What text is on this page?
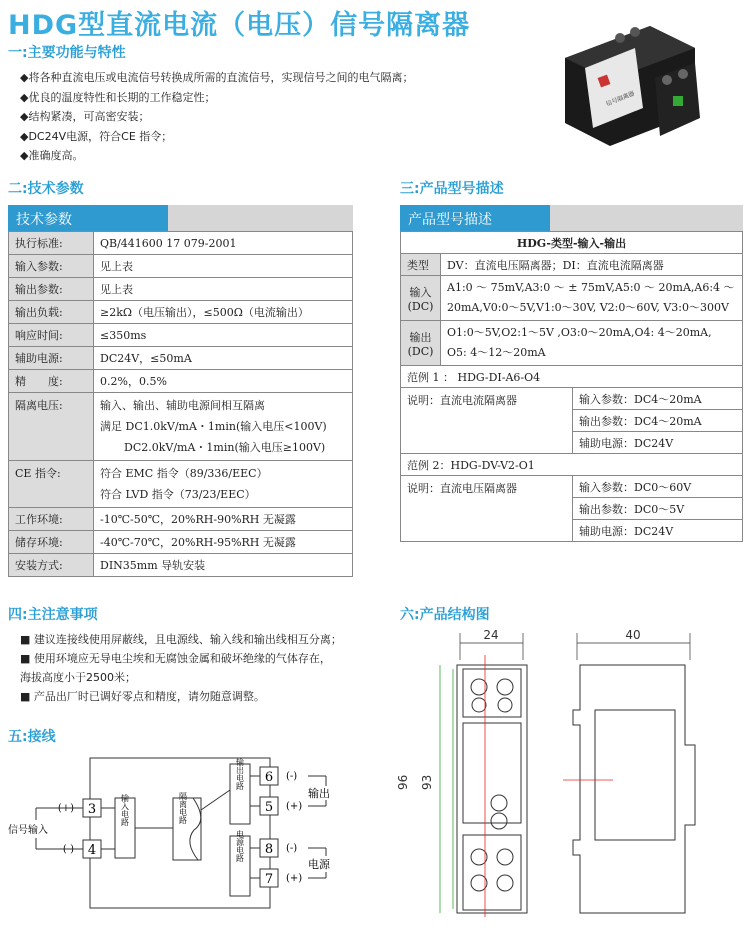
HDG型直流电流（电压）信号隔离器
一:主要功能与特性
◆将各种直流电压或电流信号转换成所需的直流信号，实现信号之间的电气隔离；
◆优良的温度特性和长期的工作稳定性；
◆结构紧凑，可高密安装；
◆DC24V电源，符合CE 指令；
◆准确度高。
信号隔离器
二:技术参数
技术参数
执行标准:	QB/441600 17 079-2001
输入参数:	见上表
输出参数:	见上表
输出负载:	≥2kΩ（电压输出），≤500Ω（电流输出）
响应时间:	≤350ms
辅助电源:	DC24V，≤50mA
精　　度:	0.2%，0.5%
隔离电压:	输入、输出、辅助电源间相互隔离
满足 DC1.0kV/mA・1min(输入电压<100V)
DC2.0kV/mA・1min(输入电压≥100V)

CE 指令:	符合 EMC 指令（89/336/EEC）
符合 LVD 指令（73/23/EEC）

工作环境:	-10℃-50℃，20%RH-90%RH 无凝露
储存环境:	-40℃-70℃，20%RH-95%RH 无凝露
安装方式:	DIN35mm 导轨安装
三:产品型号描述
产品型号描述
HDG-类型-输入-输出		
类型	DV：直流电压隔离器；DI：直流电流隔离器	
输入(DC)	A1:0 ～ 75mV,A3:0 ～ ± 75mV,A5:0 ～ 20mA,A6:4 ～
20mA,V0:0～5V,V1:0～30V, V2:0～60V, V3:0～300V	

输出(DC)	O1:0～5V,O2:1～5V ,O3:0～20mA,O4: 4～20mA,
O5: 4～12～20mA	

范例 1 ： HDG-DI-A6-O4		
说明：直流电流隔离器		输入参数：DC4～20mA
		输出参数：DC4～20mA
		辅助电源：DC24V
范例 2：HDG-DV-V2-O1		
说明：直流电压隔离器		输入参数：DC0～60V
		输出参数：DC0～5V
		辅助电源：DC24V
四:主注意事项
■ 建议连接线使用屏蔽线，且电源线、输入线和输出线相互分离；
■ 使用环境应无导电尘埃和无腐蚀金属和破坏绝缘的气体存在，
海拔高度小于2500米；
■ 产品出厂时已调好零点和精度，请勿随意调整。
五:接线
3
4
(+)
(-)
信号输入
输入电路	隔离电路
输出电路
电源电路
6
5
8
7
(-)
(+)
(-)
(+)
输出
电源
六:产品结构图
24
96 93
40
